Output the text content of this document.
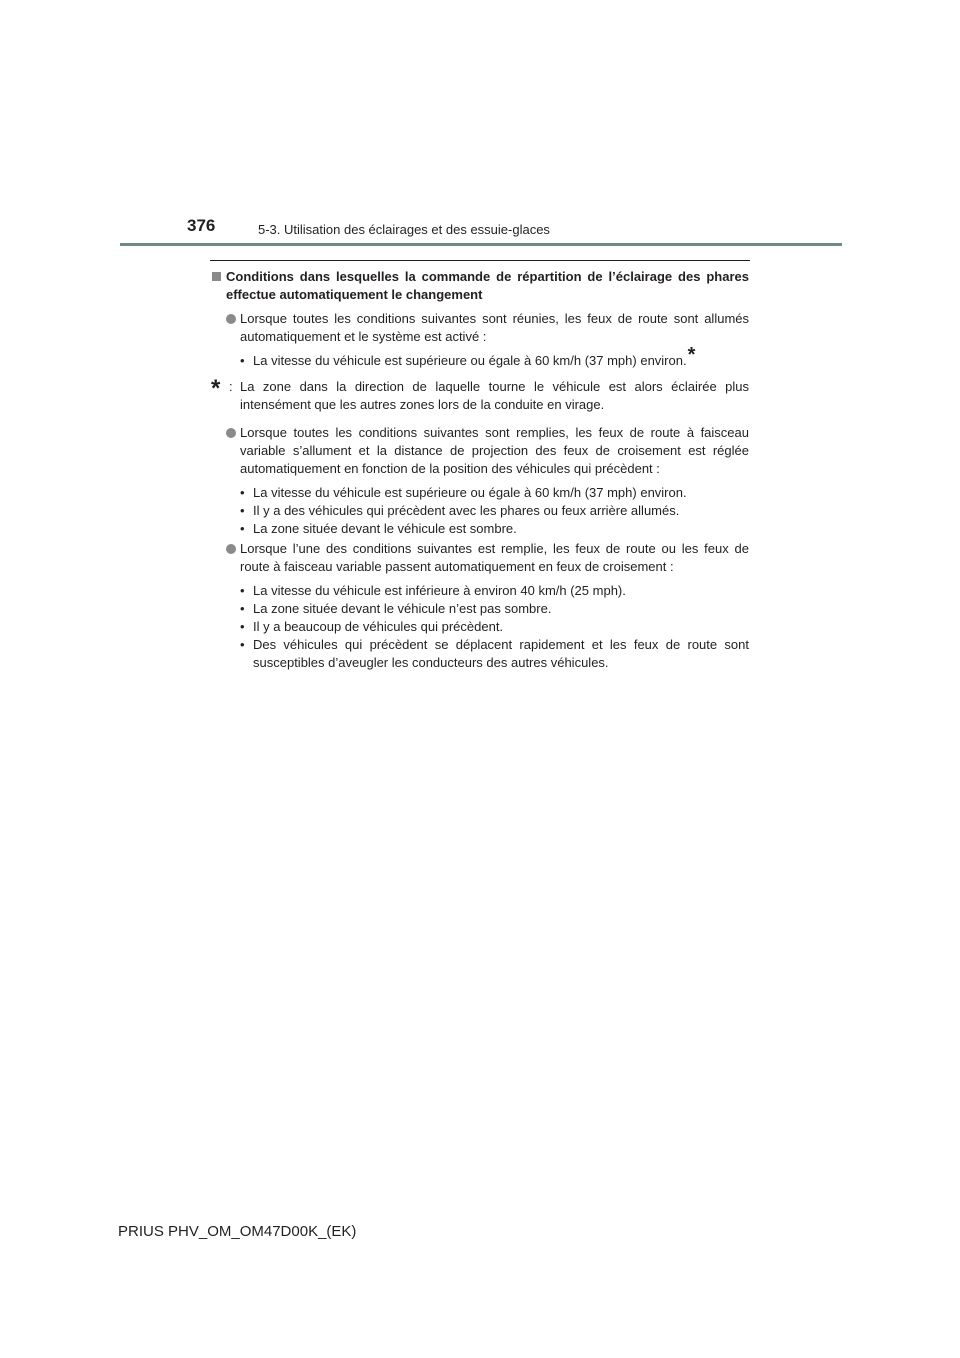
376	5-3. Utilisation des éclairages et des essuie-glaces
Conditions dans lesquelles la commande de répartition de l’éclairage des phares effectue automatiquement le changement
Lorsque toutes les conditions suivantes sont réunies, les feux de route sont allumés automatiquement et le système est activé :
• La vitesse du véhicule est supérieure ou égale à 60 km/h (37 mph) environ.*
* : La zone dans la direction de laquelle tourne le véhicule est alors éclairée plus intensément que les autres zones lors de la conduite en virage.
Lorsque toutes les conditions suivantes sont remplies, les feux de route à faisceau variable s’allument et la distance de projection des feux de croisement est réglée automatiquement en fonction de la position des véhicules qui précèdent :
• La vitesse du véhicule est supérieure ou égale à 60 km/h (37 mph) environ.
• Il y a des véhicules qui précèdent avec les phares ou feux arrière allumés.
• La zone située devant le véhicule est sombre.
Lorsque l’une des conditions suivantes est remplie, les feux de route ou les feux de route à faisceau variable passent automatiquement en feux de croisement :
• La vitesse du véhicule est inférieure à environ 40 km/h (25 mph).
• La zone située devant le véhicule n’est pas sombre.
• Il y a beaucoup de véhicules qui précèdent.
• Des véhicules qui précèdent se déplacent rapidement et les feux de route sont susceptibles d’aveugler les conducteurs des autres véhicules.
PRIUS PHV_OM_OM47D00K_(EK)
